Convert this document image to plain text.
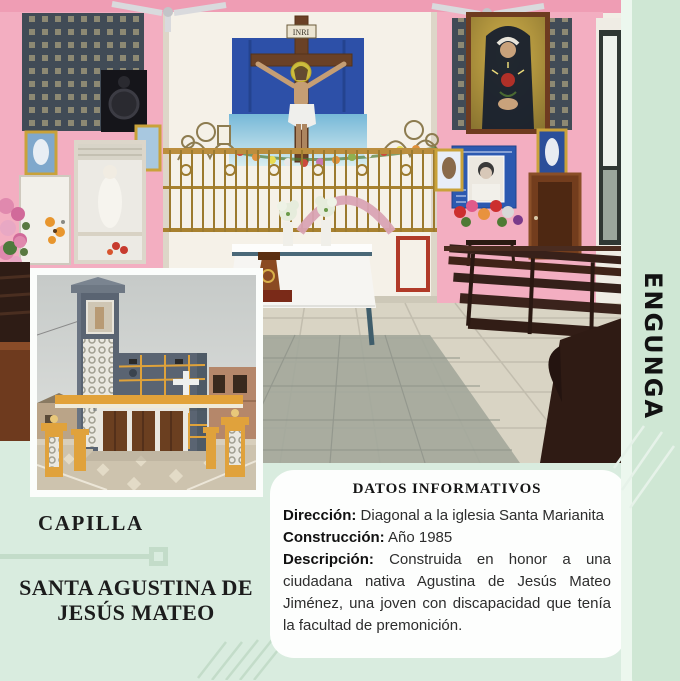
INRI
CAPILLA
SANTA AGUSTINA DE JESÚS MATEO
DATOS INFORMATIVOS

Dirección: Diagonal a la iglesia Santa Marianita

Construcción: Año 1985

Descripción: Construida en honor a una ciudadana nativa Agustina de Jesús Mateo Jiménez, una joven con discapacidad que tenía la facultad de premonición.

ENGUNGA
